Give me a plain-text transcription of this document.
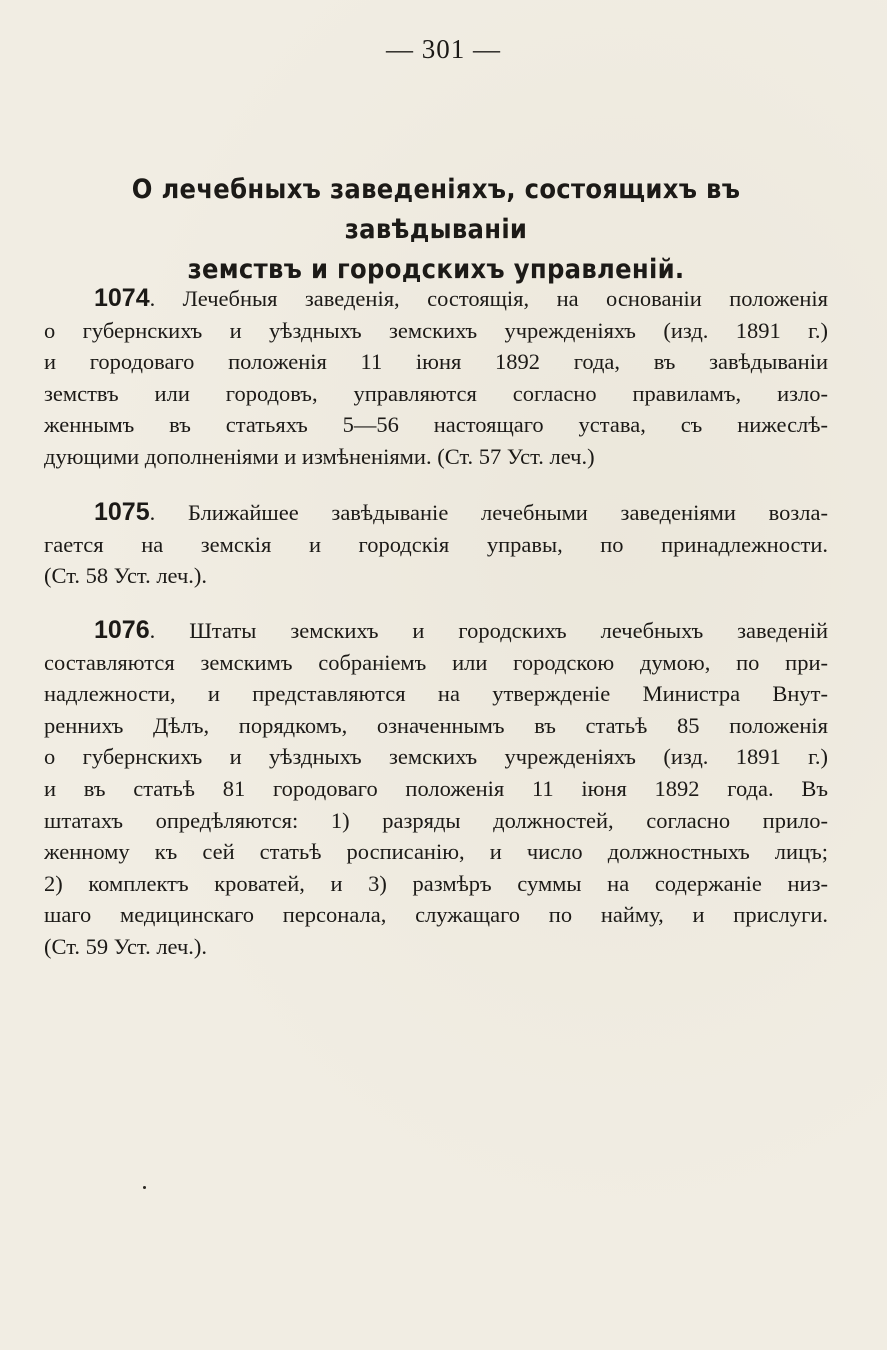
— 301 —
О лечебныхъ заведеніяхъ, состоящихъ въ завѣдываніи
земствъ и городскихъ управленій.
1074. Лечебныя заведенія, состоящія, на основаніи положенія
о губернскихъ и уѣздныхъ земскихъ учрежденіяхъ (изд. 1891 г.)
и городоваго положенія 11 іюня 1892 года, въ завѣдываніи
земствъ или городовъ, управляются согласно правиламъ, изло-
женнымъ въ статьяхъ 5—56 настоящаго устава, съ нижеслѣ-
дующими дополненіями и измѣненіями. (Ст. 57 Уст. леч.)
1075. Ближайшее завѣдываніе лечебными заведеніями возла-
гается на земскія и городскія управы, по принадлежности.
(Ст. 58 Уст. леч.).
1076. Штаты земскихъ и городскихъ лечебныхъ заведеній
составляются земскимъ собраніемъ или городскою думою, по при-
надлежности, и представляются на утвержденіе Министра Внут-
реннихъ Дѣлъ, порядкомъ, означеннымъ въ статьѣ 85 положенія
о губернскихъ и уѣздныхъ земскихъ учрежденіяхъ (изд. 1891 г.)
и въ статьѣ 81 городоваго положенія 11 іюня 1892 года. Въ
штатахъ опредѣляются: 1) разряды должностей, согласно прило-
женному къ сей статьѣ росписанію, и число должностныхъ лицъ;
2) комплектъ кроватей, и 3) размѣръ суммы на содержаніе низ-
шаго медицинскаго персонала, служащаго по найму, и прислуги.
(Ст. 59 Уст. леч.).
